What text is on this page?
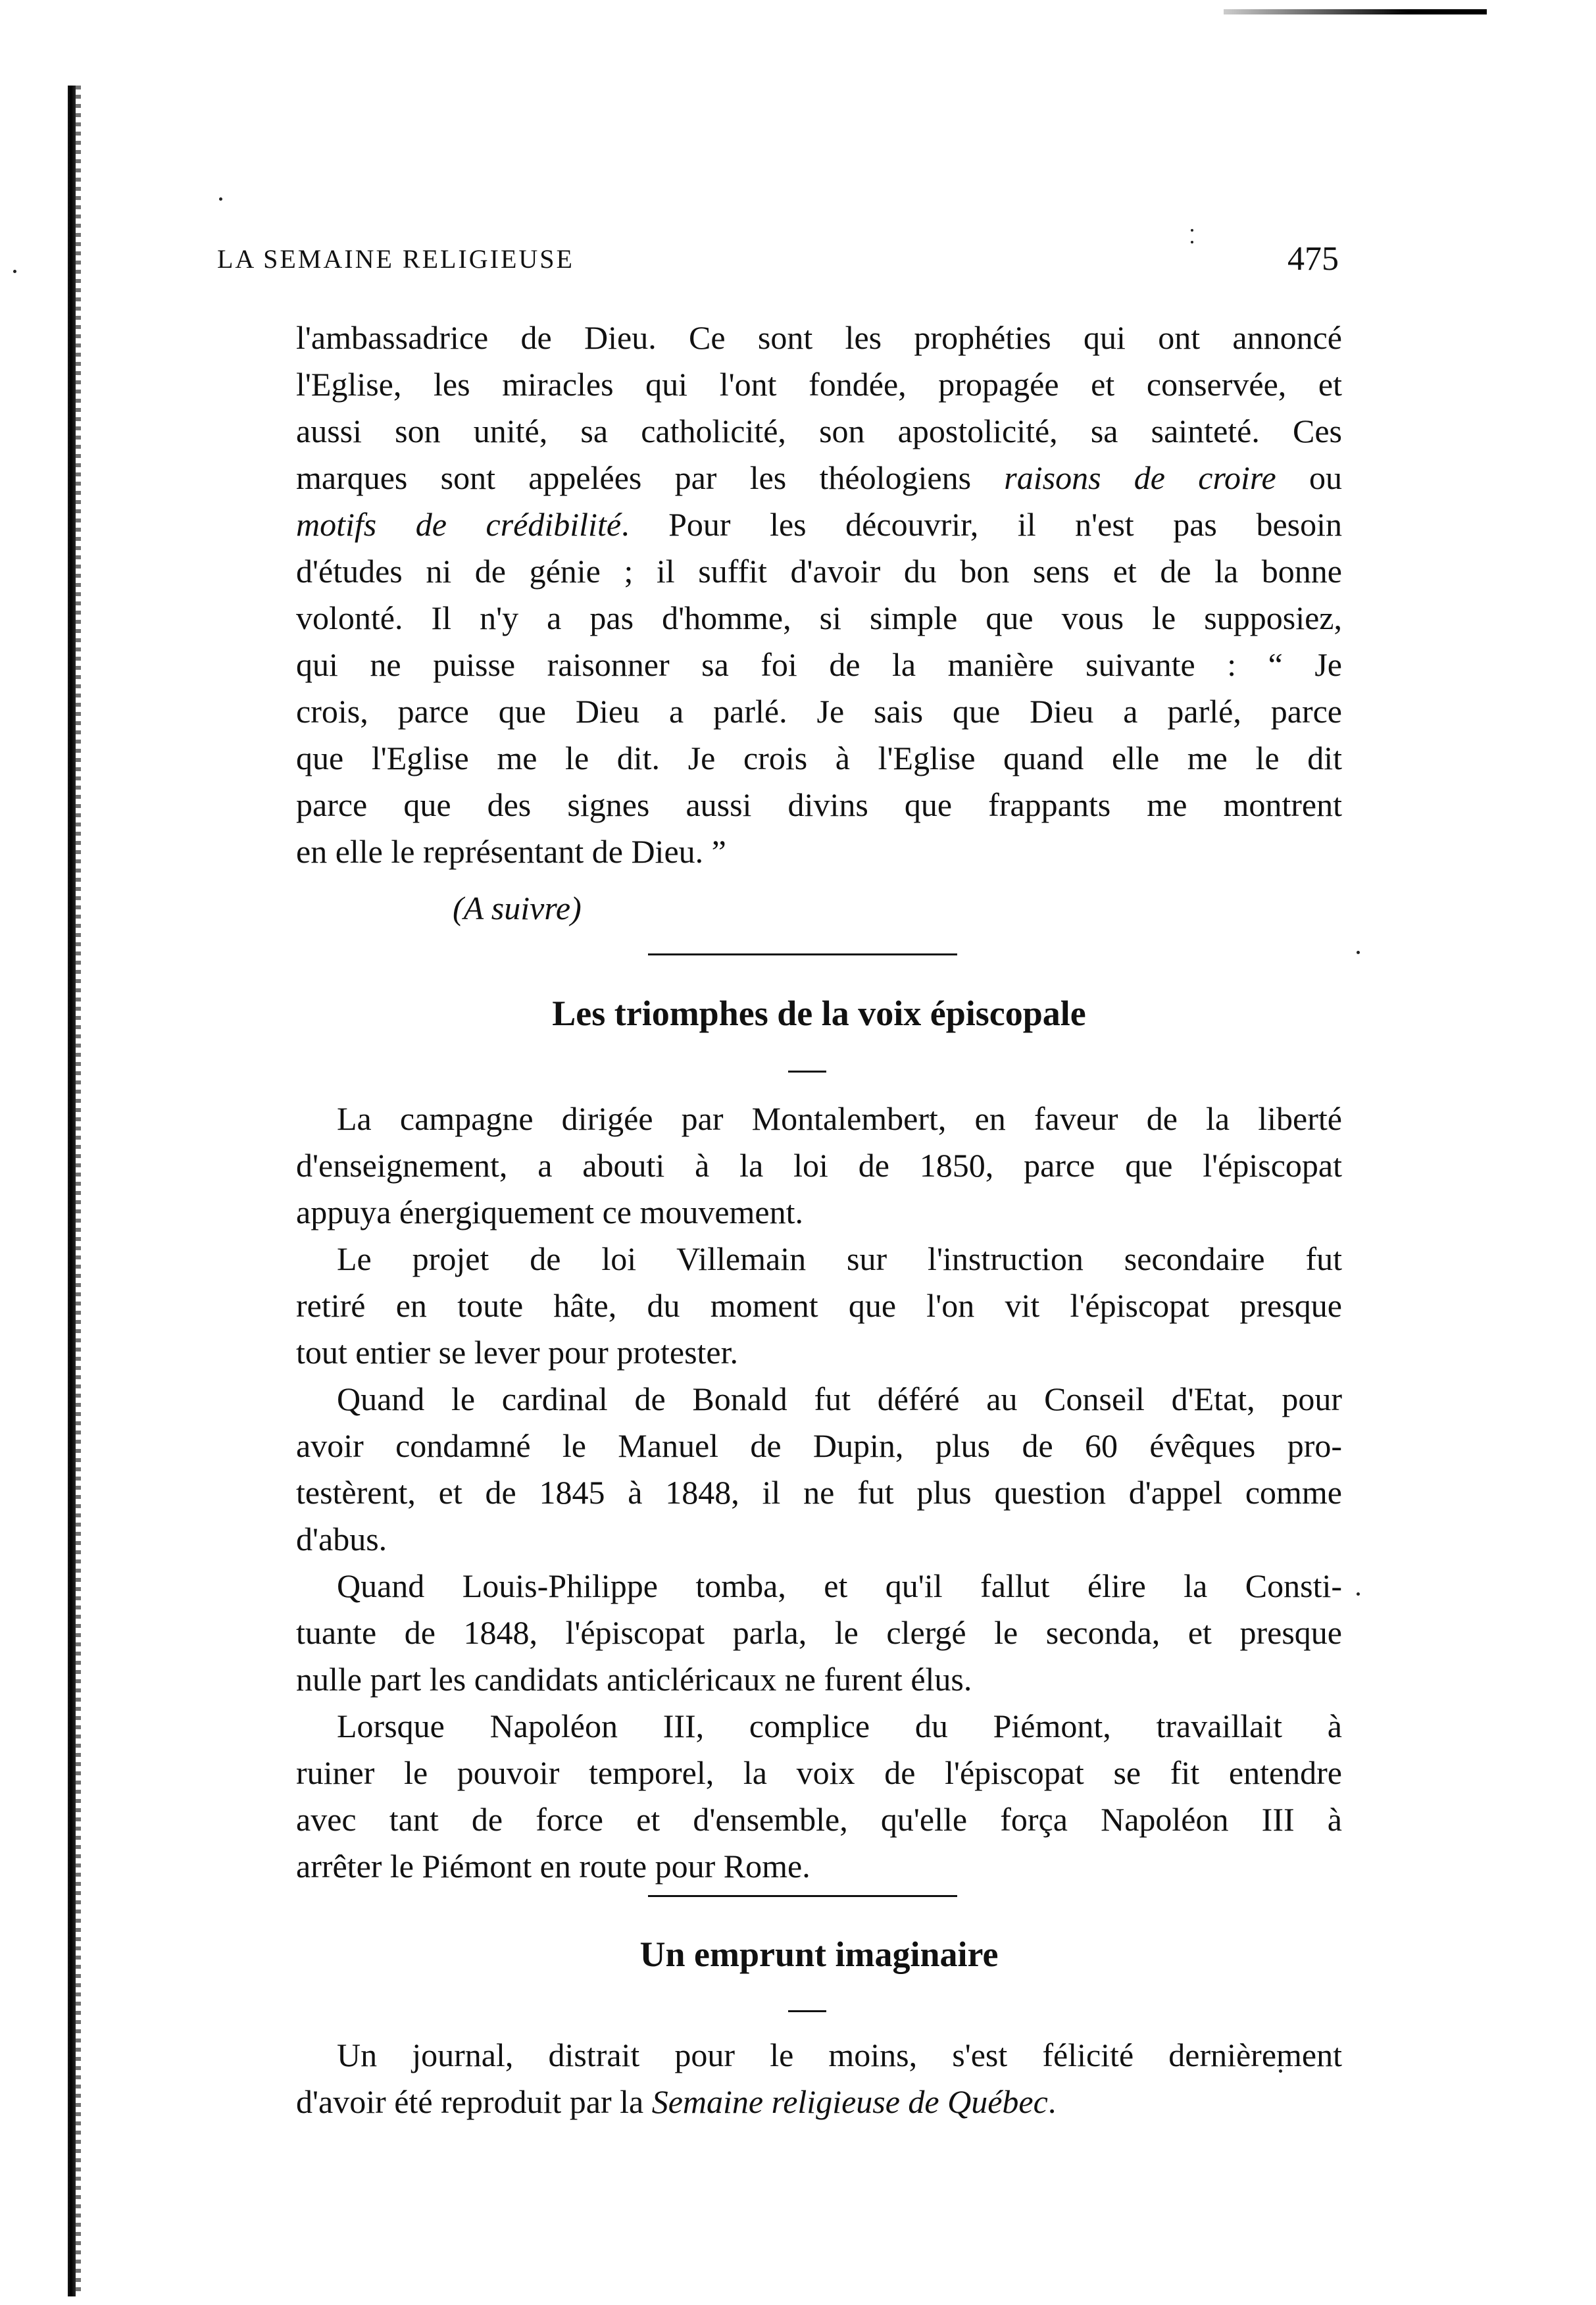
LA SEMAINE RELIGIEUSE	475
l'ambassadrice de Dieu. Ce sont les prophéties qui ont annoncé
l'Eglise, les miracles qui l'ont fondée, propagée et conservée, et
aussi son unité, sa catholicité, son apostolicité, sa sainteté. Ces
marques sont appelées par les théologiens raisons de croire ou
motifs de crédibilité. Pour les découvrir, il n'est pas besoin
d'études ni de génie ; il suffit d'avoir du bon sens et de la bonne
volonté. Il n'y a pas d'homme, si simple que vous le supposiez,
qui ne puisse raisonner sa foi de la manière suivante : “ Je
crois, parce que Dieu a parlé. Je sais que Dieu a parlé, parce
que l'Eglise me le dit. Je crois à l'Eglise quand elle me le dit
parce que des signes aussi divins que frappants me montrent
en elle le représentant de Dieu. ”
(A suivre)
Les triomphes de la voix épiscopale
La campagne dirigée par Montalembert, en faveur de la liberté
d'enseignement, a abouti à la loi de 1850, parce que l'épiscopat
appuya énergiquement ce mouvement.
Le projet de loi Villemain sur l'instruction secondaire fut
retiré en toute hâte, du moment que l'on vit l'épiscopat presque
tout entier se lever pour protester.
Quand le cardinal de Bonald fut déféré au Conseil d'Etat, pour
avoir condamné le Manuel de Dupin, plus de 60 évêques pro-
testèrent, et de 1845 à 1848, il ne fut plus question d'appel comme
d'abus.
Quand Louis-Philippe tomba, et qu'il fallut élire la Consti-
tuante de 1848, l'épiscopat parla, le clergé le seconda, et presque
nulle part les candidats anticléricaux ne furent élus.
Lorsque Napoléon III, complice du Piémont, travaillait à
ruiner le pouvoir temporel, la voix de l'épiscopat se fit entendre
avec tant de force et d'ensemble, qu'elle força Napoléon III à
arrêter le Piémont en route pour Rome.
Un emprunt imaginaire
Un journal, distrait pour le moins, s'est félicité dernièrement
d'avoir été reproduit par la Semaine religieuse de Québec.
